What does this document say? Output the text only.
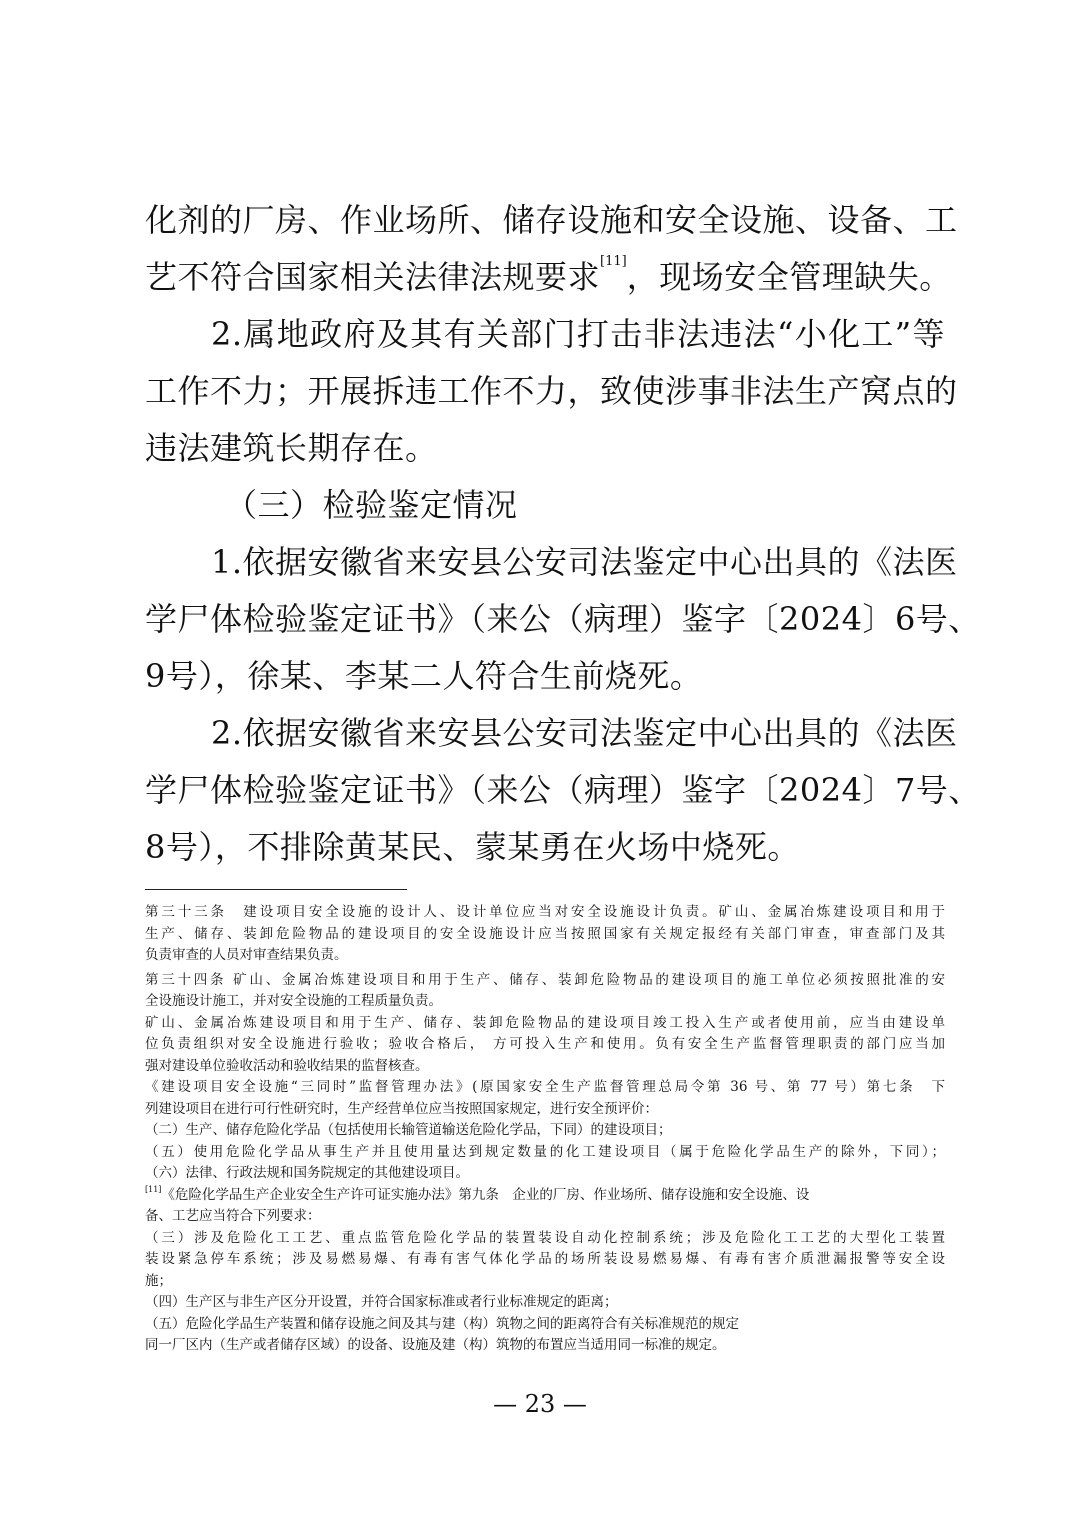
化剂的厂房、作业场所、储存设施和安全设施、设备、工
艺不符合国家相关法律法规要求[11]，现场安全管理缺失。
2.属地政府及其有关部门打击非法违法“小化工”等
工作不力；开展拆违工作不力，致使涉事非法生产窝点的
违法建筑长期存在。
（三）检验鉴定情况
1.依据安徽省来安县公安司法鉴定中心出具的《法医
学尸体检验鉴定证书》（来公（病理）鉴字〔2024〕6号、
9号），徐某、李某二人符合生前烧死。
2.依据安徽省来安县公安司法鉴定中心出具的《法医
学尸体检验鉴定证书》（来公（病理）鉴字〔2024〕7号、
8号），不排除黄某民、蒙某勇在火场中烧死。
第三十三条　建设项目安全设施的设计人、设计单位应当对安全设施设计负责。矿山、金属冶炼建设项目和用于
生产、储存、装卸危险物品的建设项目的安全设施设计应当按照国家有关规定报经有关部门审查，审查部门及其
负责审查的人员对审查结果负责。
第三十四条 矿山、金属冶炼建设项目和用于生产、储存、装卸危险物品的建设项目的施工单位必须按照批准的安
全设施设计施工，并对安全设施的工程质量负责。
矿山、金属冶炼建设项目和用于生产、储存、装卸危险物品的建设项目竣工投入生产或者使用前，应当由建设单
位负责组织对安全设施进行验收；验收合格后， 方可投入生产和使用。负有安全生产监督管理职责的部门应当加
强对建设单位验收活动和验收结果的监督核查。
《建设项目安全设施“三同时”监督管理办法》(原国家安全生产监督管理总局令第 36 号、第 77 号）第七条　下
列建设项目在进行可行性研究时，生产经营单位应当按照国家规定，进行安全预评价：
（二）生产、储存危险化学品（包括使用长输管道输送危险化学品，下同）的建设项目；
（五）使用危险化学品从事生产并且使用量达到规定数量的化工建设项目（属于危险化学品生产的除外，下同）；
（六）法律、行政法规和国务院规定的其他建设项目。
[11]《危险化学品生产企业安全生产许可证实施办法》第九条　企业的厂房、作业场所、储存设施和安全设施、设
备、工艺应当符合下列要求：
（三）涉及危险化工工艺、重点监管危险化学品的装置装设自动化控制系统；涉及危险化工工艺的大型化工装置
装设紧急停车系统；涉及易燃易爆、有毒有害气体化学品的场所装设易燃易爆、有毒有害介质泄漏报警等安全设
施；
（四）生产区与非生产区分开设置，并符合国家标准或者行业标准规定的距离；
（五）危险化学品生产装置和储存设施之间及其与建（构）筑物之间的距离符合有关标准规范的规定
同一厂区内（生产或者储存区域）的设备、设施及建（构）筑物的布置应当适用同一标准的规定。
— 23 —
